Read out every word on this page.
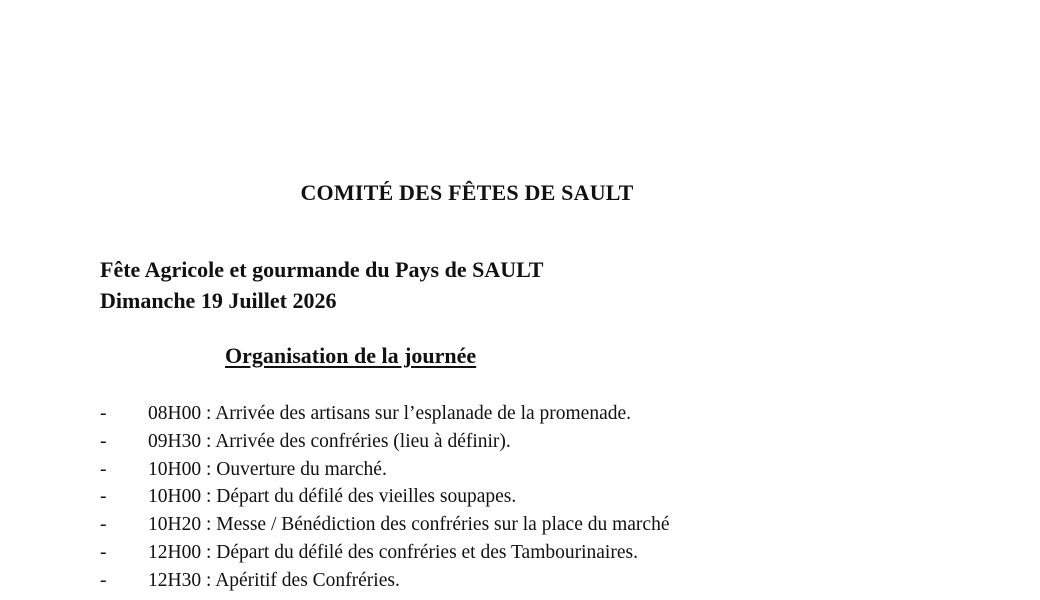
COMITÉ DES FÊTES DE SAULT
Fête Agricole et gourmande du Pays de SAULT
Dimanche 19 Juillet 2026
Organisation de la journée
- 08H00 : Arrivée des artisans sur l’esplanade de la promenade.
- 09H30 : Arrivée des confréries (lieu à définir).
- 10H00 : Ouverture du marché.
- 10H00 : Départ du défilé des vieilles soupapes.
- 10H20 : Messe / Bénédiction des confréries sur la place du marché
- 12H00 : Départ du défilé des confréries et des Tambourinaires.
- 12H30 : Apéritif des Confréries.
